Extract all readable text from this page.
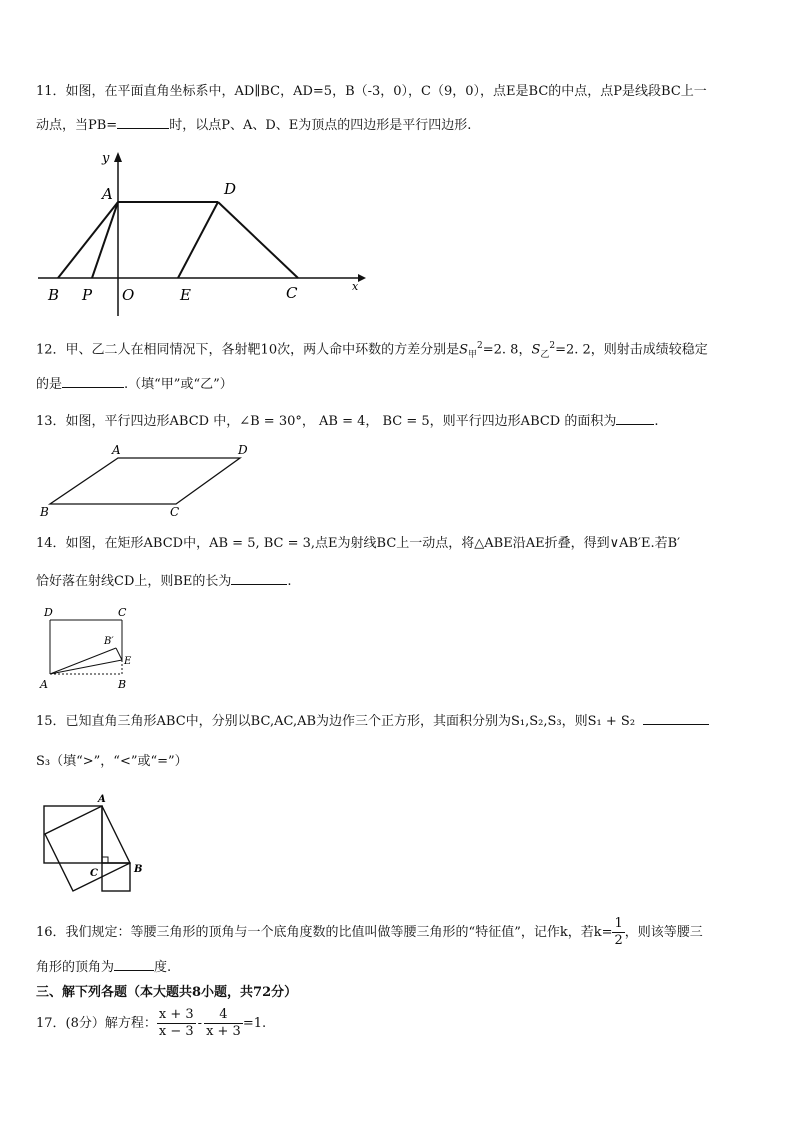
11．如图，在平面直角坐标系中，AD∥BC，AD=5，B（-3，0），C（9，0），点E是BC的中点，点P是线段BC上一
动点，当PB=	时，以点P、A、D、E为顶点的四边形是平行四边形.
y
A	D
B P O	E	C	x
12．甲、乙二人在相同情况下，各射靶10次，两人命中环数的方差分别是$S_甲^2=2$. 8，$S_乙^2=2$. 2，则射击成绩较稳定
的是	.（填“甲”或“乙”）
13．如图，平行四边形ABCD 中，∠B = 30°， AB = 4， BC = 5，则平行四边形ABCD 的面积为	.
A	D
B	C
14．如图，在矩形ABCD中，AB = 5, BC = 3,点E为射线BC上一动点，将△ABE沿AE折叠，得到∨AB′E.若B′
恰好落在射线CD上，则BE的长为	.
D	C
B′
E
A	B
15．已知直角三角形ABC中，分别以BC,AC,AB为边作三个正方形，其面积分别为S₁,S₂,S₃，则S₁ + S₂
S₃（填“>”，“<”或“=”）
A
C	B
16．我们规定：等腰三角形的顶角与一个底角度数的比值叫做等腰三角形的“特征值”，记作k，若$k= \frac{1}{2}$ ，则该等腰三
角形的顶角为	度.
三、解下列各题（本大题共8小题，共72分）
17．(8分）解方程： $\frac{x + 3}{x - 3} - \frac{4}{x + 3} =1$.
